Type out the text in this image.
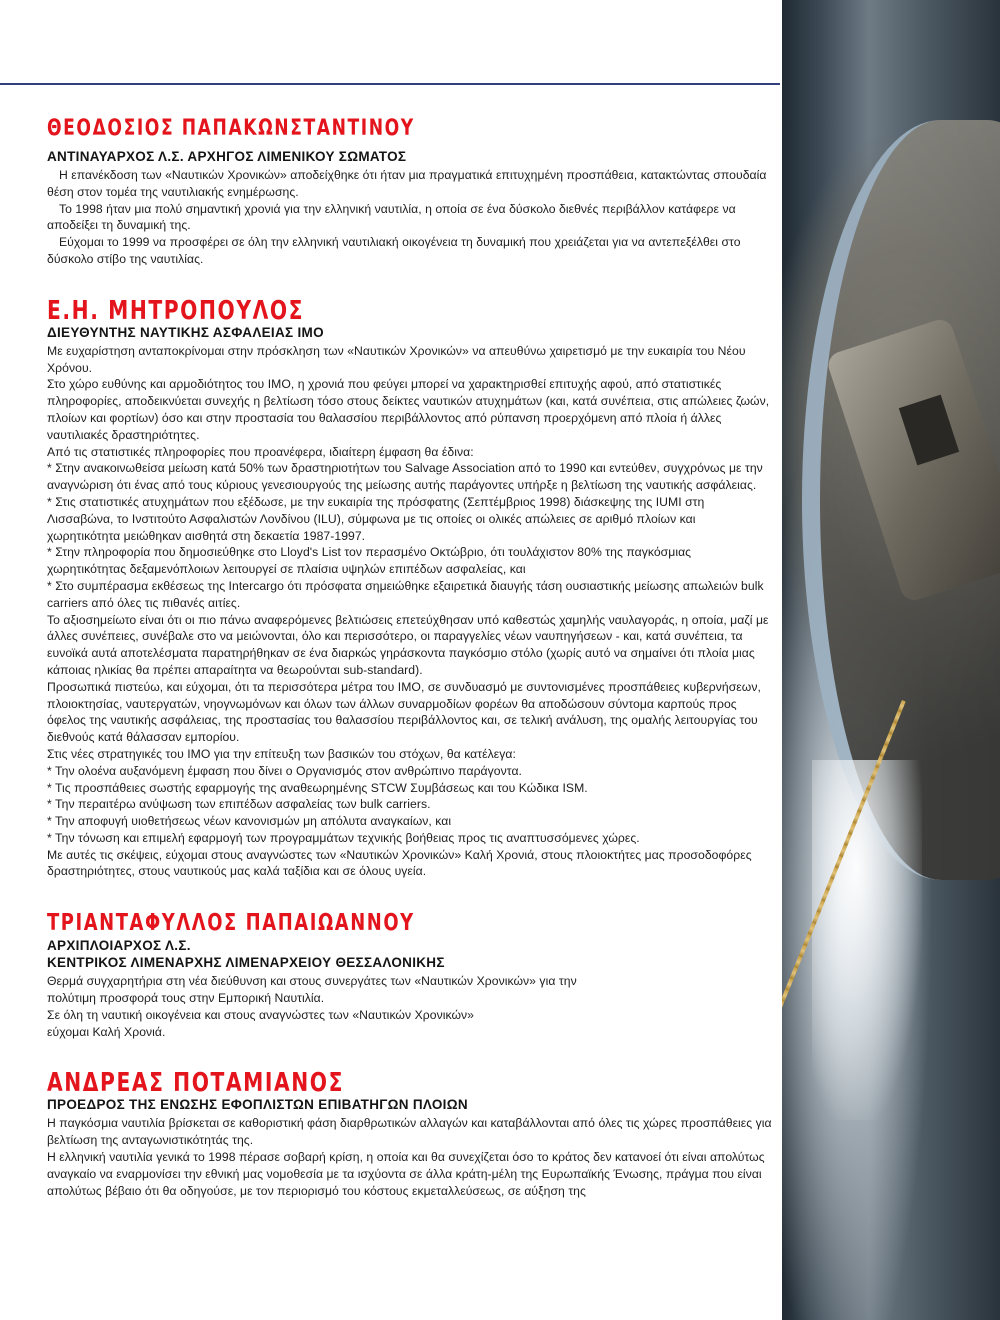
ΘΕΟΔΟΣΙΟΣ ΠΑΠΑΚΩΝΣΤΑΝΤΙΝΟΥ
ΑΝΤΙΝΑΥΑΡΧΟΣ Λ.Σ. ΑΡΧΗΓΟΣ ΛΙΜΕΝΙΚΟΥ ΣΩΜΑΤΟΣ

Η επανέκδοση των «Ναυτικών Χρονικών» αποδείχθηκε ότι ήταν μια πραγματικά επιτυχημένη προσπάθεια, κατακτώντας σπουδαία θέση στον τομέα της ναυτιλιακής ενημέρωσης.

Το 1998 ήταν μια πολύ σημαντική χρονιά για την ελληνική ναυτιλία, η οποία σε ένα δύσκολο διεθνές περιβάλλον κατάφερε να αποδείξει τη δυναμική της.

Εύχομαι το 1999 να προσφέρει σε όλη την ελληνική ναυτιλιακή οικογένεια τη δυναμική που χρειάζεται για να αντεπεξέλθει στο δύσκολο στίβο της ναυτιλίας.

Ε.Η. ΜΗΤΡΟΠΟΥΛΟΣ
ΔΙΕΥΘΥΝΤΗΣ ΝΑΥΤΙΚΗΣ ΑΣΦΑΛΕΙΑΣ ΙΜΟ

Με ευχαρίστηση ανταποκρίνομαι στην πρόσκληση των «Ναυτικών Χρονικών» να απευθύνω χαιρετισμό με την ευκαιρία του Νέου Χρόνου.

Στο χώρο ευθύνης και αρμοδιότητος του ΙΜΟ, η χρονιά που φεύγει μπορεί να χαρακτηρισθεί επιτυχής αφού, από στατιστικές πληροφορίες, αποδεικνύεται συνεχής η βελτίωση τόσο στους δείκτες ναυτικών ατυχημάτων (και, κατά συνέπεια, στις απώλειες ζωών, πλοίων και φορτίων) όσο και στην προστασία του θαλασσίου περιβάλλοντος από ρύπανση προερχόμενη από πλοία ή άλλες ναυτιλιακές δραστηριότητες.

Από τις στατιστικές πληροφορίες που προανέφερα, ιδιαίτερη έμφαση θα έδινα:

* Στην ανακοινωθείσα μείωση κατά 50% των δραστηριοτήτων του Salvage Association από το 1990 και εντεύθεν, συγχρόνως με την αναγνώριση ότι ένας από τους κύριους γενεσιουργούς της μείωσης αυτής παράγοντες υπήρξε η βελτίωση της ναυτικής ασφάλειας.

* Στις στατιστικές ατυχημάτων που εξέδωσε, με την ευκαιρία της πρόσφατης (Σεπτέμβριος 1998) διάσκεψης της IUMI στη Λισσαβώνα, το Ινστιτούτο Ασφαλιστών Λονδίνου (ILU), σύμφωνα με τις οποίες οι ολικές απώλειες σε αριθμό πλοίων και χωρητικότητα μειώθηκαν αισθητά στη δεκαετία 1987-1997.

* Στην πληροφορία που δημοσιεύθηκε στο Lloyd's List τον περασμένο Οκτώβριο, ότι τουλάχιστον 80% της παγκόσμιας χωρητικότητας δεξαμενόπλοιων λειτουργεί σε πλαίσια υψηλών επιπέδων ασφαλείας, και

* Στο συμπέρασμα εκθέσεως της Intercargo ότι πρόσφατα σημειώθηκε εξαιρετικά διαυγής τάση ουσιαστικής μείωσης απωλειών bulk carriers από όλες τις πιθανές αιτίες.

Το αξιοσημείωτο είναι ότι οι πιο πάνω αναφερόμενες βελτιώσεις επετεύχθησαν υπό καθεστώς χαμηλής ναυλαγοράς, η οποία, μαζί με άλλες συνέπειες, συνέβαλε στο να μειώνονται, όλο και περισσότερο, οι παραγγελίες νέων ναυπηγήσεων - και, κατά συνέπεια, τα ευνοϊκά αυτά αποτελέσματα παρατηρήθηκαν σε ένα διαρκώς γηράσκοντα παγκόσμιο στόλο (χωρίς αυτό να σημαίνει ότι πλοία μιας κάποιας ηλικίας θα πρέπει απαραίτητα να θεωρούνται sub-standard).

Προσωπικά πιστεύω, και εύχομαι, ότι τα περισσότερα μέτρα του ΙΜΟ, σε συνδυασμό με συντονισμένες προσπάθειες κυβερνήσεων, πλοιοκτησίας, ναυτεργατών, νηογνωμόνων και όλων των άλλων συναρμοδίων φορέων θα αποδώσουν σύντομα καρπούς προς όφελος της ναυτικής ασφάλειας, της προστασίας του θαλασσίου περιβάλλοντος και, σε τελική ανάλυση, της ομαλής λειτουργίας του διεθνούς κατά θάλασσαν εμπορίου.

Στις νέες στρατηγικές του ΙΜΟ για την επίτευξη των βασικών του στόχων, θα κατέλεγα:

* Την ολοένα αυξανόμενη έμφαση που δίνει ο Οργανισμός στον ανθρώπινο παράγοντα.

* Τις προσπάθειες σωστής εφαρμογής της αναθεωρημένης STCW Συμβάσεως και του Κώδικα ISM.

* Την περαιτέρω ανύψωση των επιπέδων ασφαλείας των bulk carriers.

* Την αποφυγή υιοθετήσεως νέων κανονισμών μη απόλυτα αναγκαίων, και

* Την τόνωση και επιμελή εφαρμογή των προγραμμάτων τεχνικής βοήθειας προς τις αναπτυσσόμενες χώρες.

Με αυτές τις σκέψεις, εύχομαι στους αναγνώστες των «Ναυτικών Χρονικών» Καλή Χρονιά, στους πλοιοκτήτες μας προσοδοφόρες δραστηριότητες, στους ναυτικούς μας καλά ταξίδια και σε όλους υγεία.

ΤΡΙΑΝΤΑΦΥΛΛΟΣ ΠΑΠΑΙΩΑΝΝΟΥ
ΑΡΧΙΠΛΟΙΑΡΧΟΣ Λ.Σ.
ΚΕΝΤΡΙΚΟΣ ΛΙΜΕΝΑΡΧΗΣ ΛΙΜΕΝΑΡΧΕΙΟΥ ΘΕΣΣΑΛΟΝΙΚΗΣ

Θερμά συγχαρητήρια στη νέα διεύθυνση και στους συνεργάτες των «Ναυτικών Χρονικών» για την πολύτιμη προσφορά τους στην Εμπορική Ναυτιλία.

Σε όλη τη ναυτική οικογένεια και στους αναγνώστες των «Ναυτικών Χρονικών»

εύχομαι Καλή Χρονιά.

ΑΝΔΡΕΑΣ ΠΟΤΑΜΙΑΝΟΣ
ΠΡΟΕΔΡΟΣ ΤΗΣ ΕΝΩΣΗΣ ΕΦΟΠΛΙΣΤΩΝ ΕΠΙΒΑΤΗΓΩΝ ΠΛΟΙΩΝ

Η παγκόσμια ναυτιλία βρίσκεται σε καθοριστική φάση διαρθρωτικών αλλαγών και καταβάλλονται από όλες τις χώρες προσπάθειες για βελτίωση της ανταγωνιστικότητάς της.

Η ελληνική ναυτιλία γενικά το 1998 πέρασε σοβαρή κρίση, η οποία και θα συνεχίζεται όσο το κράτος δεν κατανοεί ότι είναι απολύτως αναγκαίο να εναρμονίσει την εθνική μας νομοθεσία με τα ισχύοντα σε άλλα κράτη-μέλη της Ευρωπαϊκής Ένωσης, πράγμα που είναι απολύτως βέβαιο ότι θα οδηγούσε, με τον περιορισμό του κόστους εκμεταλλεύσεως, σε αύξηση της
